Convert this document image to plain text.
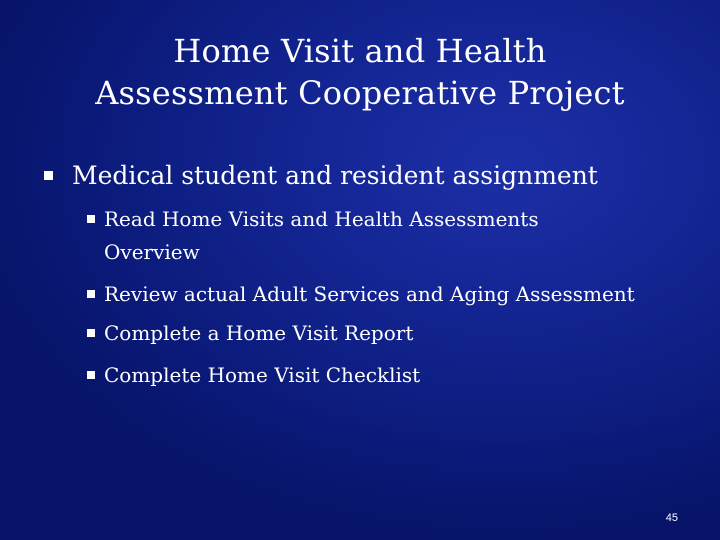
Home Visit and Health
Assessment Cooperative Project
Medical student and resident assignment
Read Home Visits and Health Assessments
Overview
Review actual Adult Services and Aging Assessment
Complete a Home Visit Report
Complete Home Visit Checklist
45
